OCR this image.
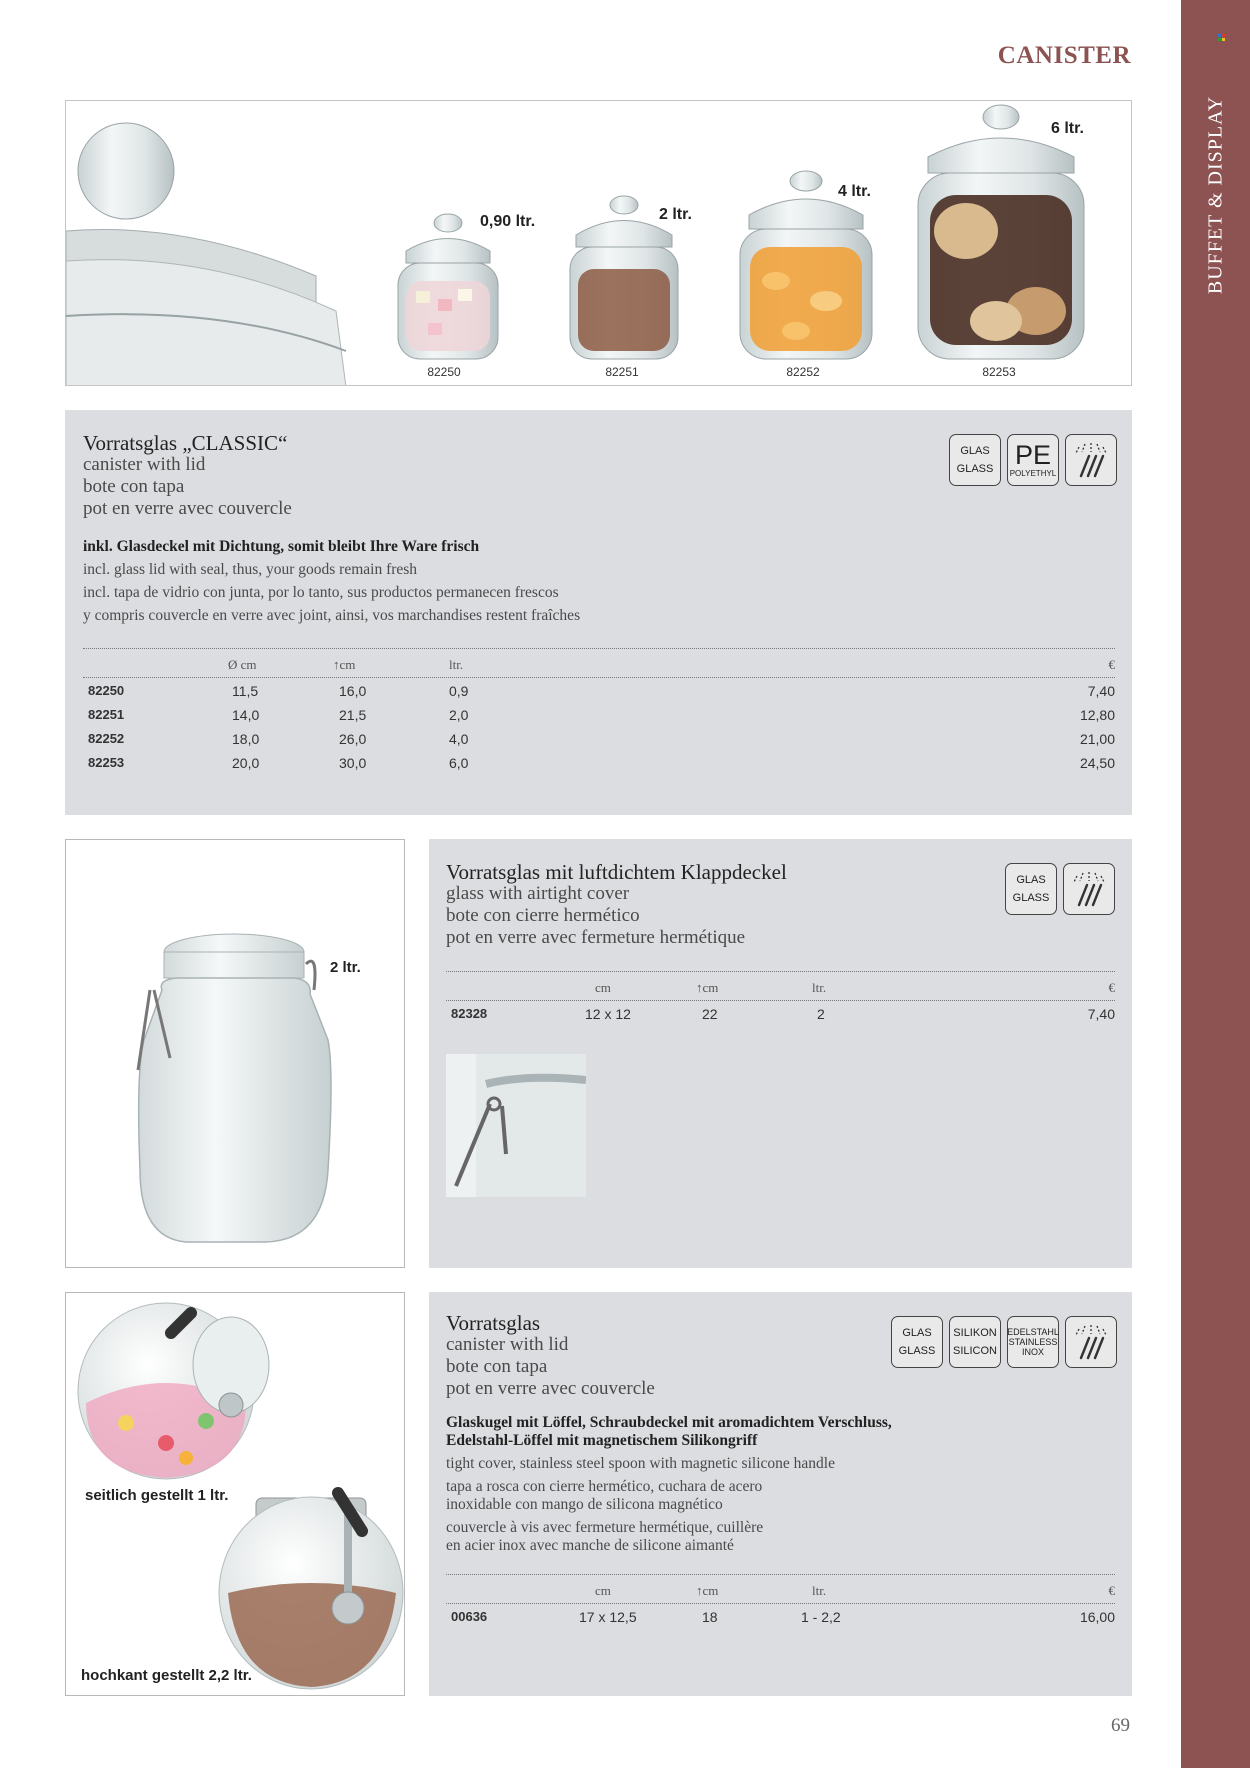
BUFFET & DISPLAY
CANISTER
82250	82251	82252	82253
0,90 ltr.	2 ltr.
4 ltr.
6 ltr.
Vorratsglas „CLASSIC“
canister with lid
bote con tapa
pot en verre avec couvercle
inkl. Glasdeckel mit Dichtung, somit bleibt Ihre Ware frisch
incl. glass lid with seal, thus, your goods remain fresh
incl. tapa de vidrio con junta, por lo tanto, sus productos permanecen frescos
y compris couvercle en verre avec joint, ainsi, vos marchandises restent fraîches
GLAS
GLASS PE
POLYETHYL
Ø cm	↑cm	ltr.	€
82250	11,5	16,0	0,9	7,40
82251	14,0	21,5	2,0	12,80
82252	18,0	26,0	4,0	21,00
82253	20,0	30,0	6,0	24,50
2 ltr.
Vorratsglas mit luftdichtem Klappdeckel
glass with airtight cover
bote con cierre hermético
pot en verre avec fermeture hermétique
GLAS
GLASS
cm	↑cm	ltr.	€
82328	12 x 12	22	2	7,40
seitlich gestellt 1 ltr.
hochkant gestellt 2,2 ltr.
Vorratsglas
canister with lid
bote con tapa
pot en verre avec couvercle
Glaskugel mit Löffel, Schraubdeckel mit aromadichtem Verschluss,
Edelstahl-Löffel mit magnetischem Silikongriff
tight cover, stainless steel spoon with magnetic silicone handle
tapa a rosca con cierre hermético, cuchara de acero
inoxidable con mango de silicona magnético
couvercle à vis avec fermeture hermétique, cuillère
en acier inox avec manche de silicone aimanté
GLAS
GLASS
SILIKON
SILICON
EDELSTAHL
STAINLESS
INOX
cm	↑cm	ltr.	€
00636	17 x 12,5	18	1 - 2,2	16,00
69
